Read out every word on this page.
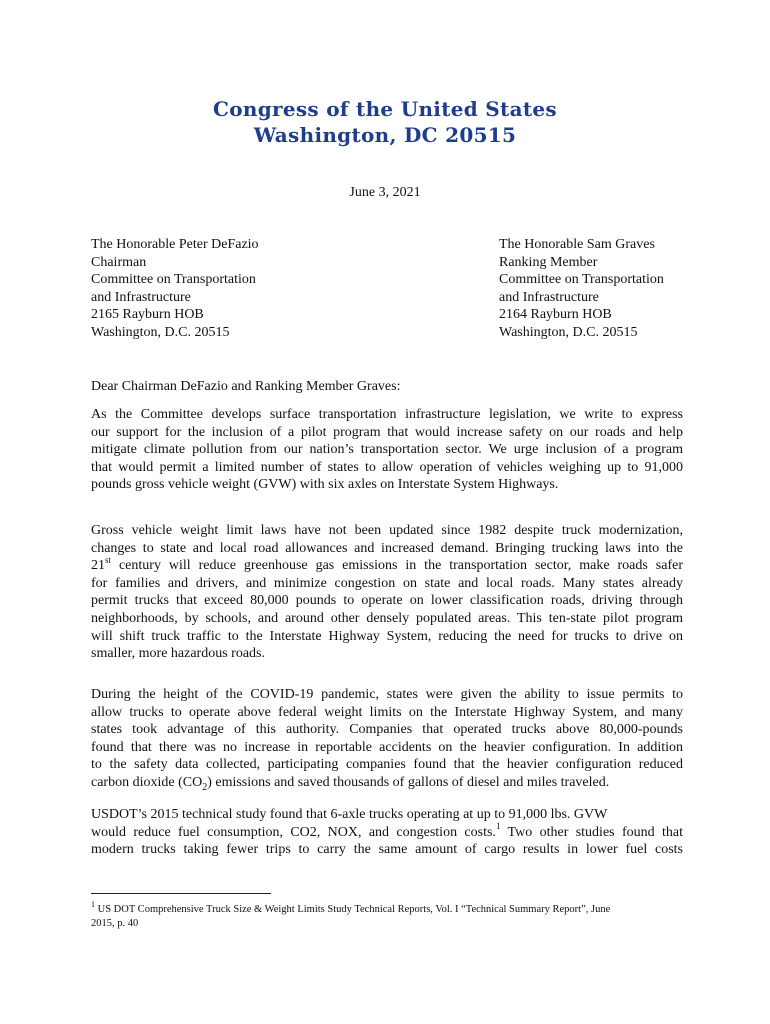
Congress of the United States
Washington, DC 20515
June 3, 2021
The Honorable Peter DeFazio
Chairman
Committee on Transportation
and Infrastructure
2165 Rayburn HOB
Washington, D.C. 20515
The Honorable Sam Graves
Ranking Member
Committee on Transportation
and Infrastructure
2164 Rayburn HOB
Washington, D.C. 20515
Dear Chairman DeFazio and Ranking Member Graves:
As the Committee develops surface transportation infrastructure legislation, we write to express
our support for the inclusion of a pilot program that would increase safety on our roads and help
mitigate climate pollution from our nation’s transportation sector. We urge inclusion of a program
that would permit a limited number of states to allow operation of vehicles weighing up to 91,000
pounds gross vehicle weight (GVW) with six axles on Interstate System Highways.
Gross vehicle weight limit laws have not been updated since 1982 despite truck modernization,
changes to state and local road allowances and increased demand. Bringing trucking laws into the
21st century will reduce greenhouse gas emissions in the transportation sector, make roads safer
for families and drivers, and minimize congestion on state and local roads. Many states already
permit trucks that exceed 80,000 pounds to operate on lower classification roads, driving through
neighborhoods, by schools, and around other densely populated areas. This ten-state pilot program
will shift truck traffic to the Interstate Highway System, reducing the need for trucks to drive on
smaller, more hazardous roads.
During the height of the COVID-19 pandemic, states were given the ability to issue permits to
allow trucks to operate above federal weight limits on the Interstate Highway System, and many
states took advantage of this authority. Companies that operated trucks above 80,000-pounds
found that there was no increase in reportable accidents on the heavier configuration. In addition
to the safety data collected, participating companies found that the heavier configuration reduced
carbon dioxide $(CO_2)$ emissions and saved thousands of gallons of diesel and miles traveled.
USDOT’s 2015 technical study found that 6-axle trucks operating at up to 91,000 lbs. GVW
would reduce fuel consumption, CO2, NOX, and congestion costs.$^1$ Two other studies found that
modern trucks taking fewer trips to carry the same amount of cargo results in lower fuel costs
$^1$ US DOT Comprehensive Truck Size & Weight Limits Study Technical Reports, Vol. I “Technical Summary Report”, June
2015, p. 40
